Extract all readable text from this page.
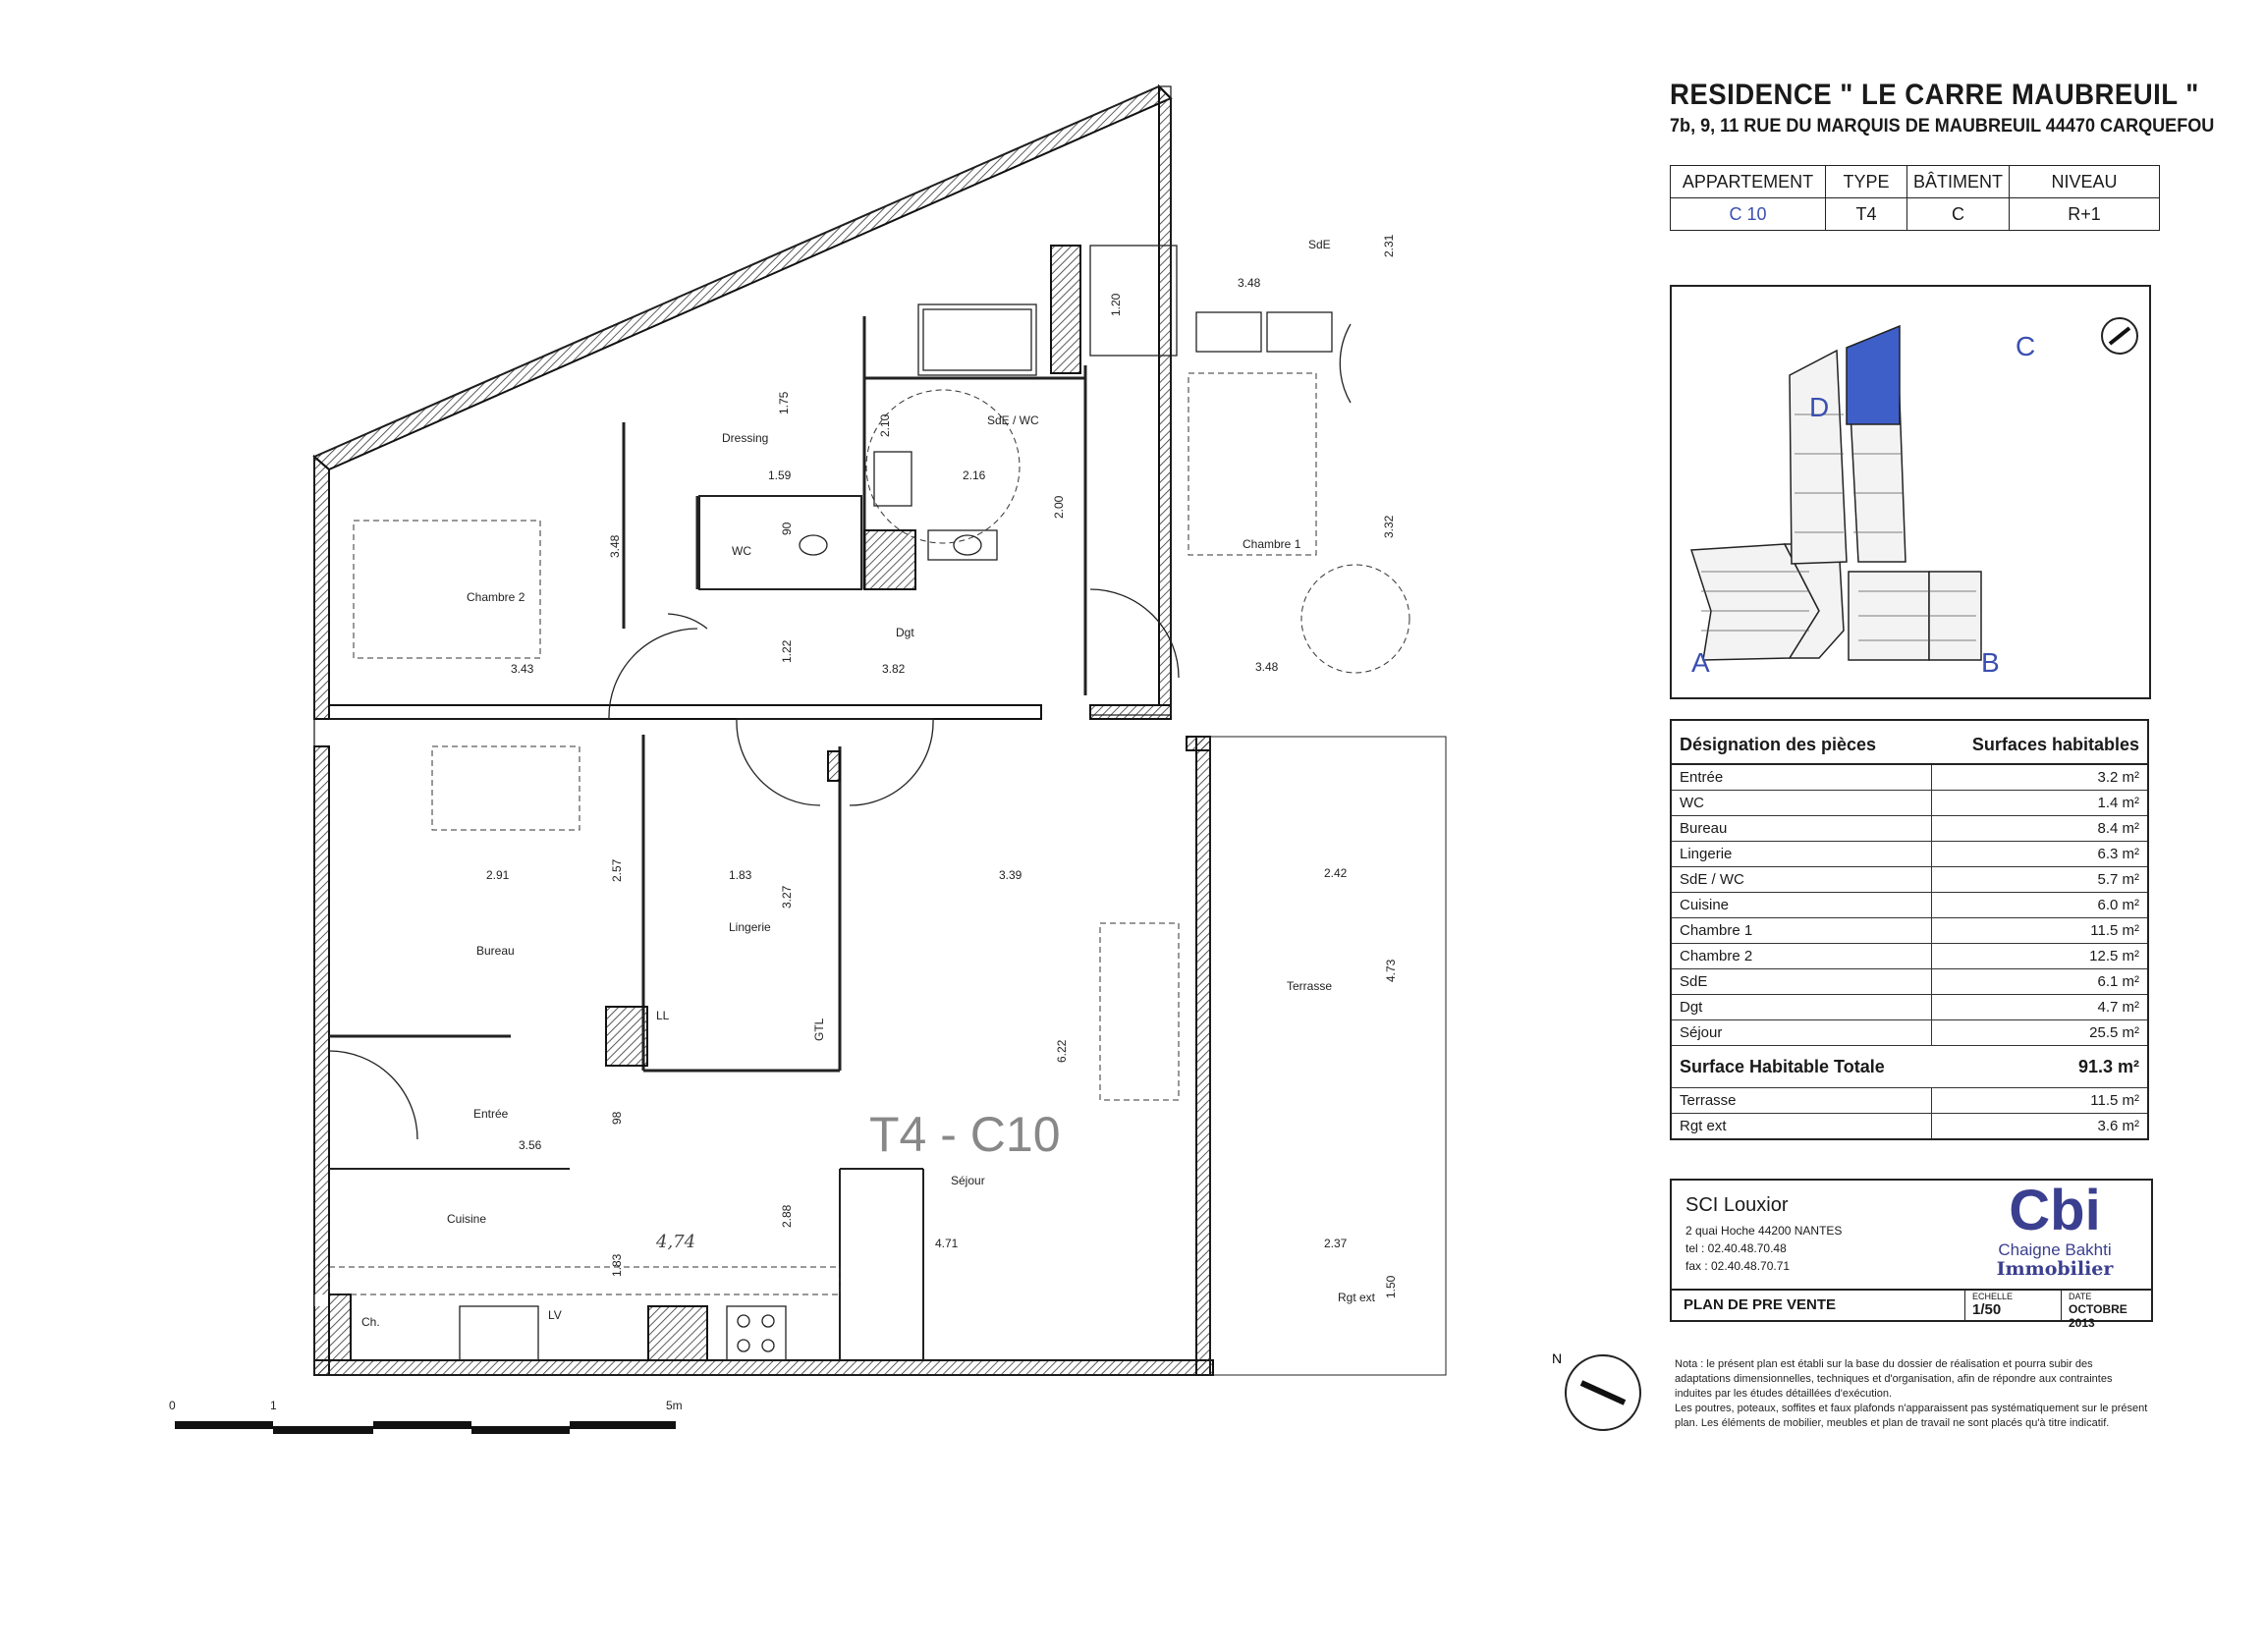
SdE
Dressing
SdE / WC
WC	Chambre 1
Chambre 2
Dgt
Bureau
Lingerie
Terrasse
Entrée
Séjour
Cuisine
Rgt ext
LL
GTL
Ch.	LV
3.48
2.31
1.20
1.75
2.10
1.59	2.16
90
2.00
3.48
3.32
3.43
1.22
3.82	3.48
2.91	2.57	1.83
3.27
3.39	2.42
4.73
6.22
3.56
98
2.88
4.71
1.83
2.37
1.50
T4 - C10
4,74
0	1	5m
N
RESIDENCE " LE CARRE MAUBREUIL "
7b, 9, 11 RUE DU MARQUIS DE MAUBREUIL 44470 CARQUEFOU
APPARTEMENT	TYPE	BÂTIMENT	NIVEAU
C 10	T4	C	R+1
A	B
C
D
Désignation des pièces	Surfaces habitables
Entrée	3.2 m²
WC	1.4 m²
Bureau	8.4 m²
Lingerie	6.3 m²
SdE / WC	5.7 m²
Cuisine	6.0 m²
Chambre 1	11.5 m²
Chambre 2	12.5 m²
SdE	6.1 m²
Dgt	4.7 m²
Séjour	25.5 m²
Surface Habitable Totale	91.3 m²
Terrasse	11.5 m²
Rgt ext	3.6 m²
SCI Louxior
2 quai Hoche 44200 NANTES
tel : 02.40.48.70.48
fax : 02.40.48.70.71
Cbi
Chaigne Bakhti
Immobilier
PLAN DE PRE VENTE	ECHELLE
1/50
DATE
OCTOBRE 2013
Nota : le présent plan est établi sur la base du dossier de réalisation et pourra subir des adaptations dimensionnelles, techniques et d'organisation, afin de répondre aux contraintes induites par les études détaillées d'exécution.
Les poutres, poteaux, soffites et faux plafonds n'apparaissent pas systématiquement sur le présent plan. Les éléments de mobilier, meubles et plan de travail ne sont placés qu'à titre indicatif.
